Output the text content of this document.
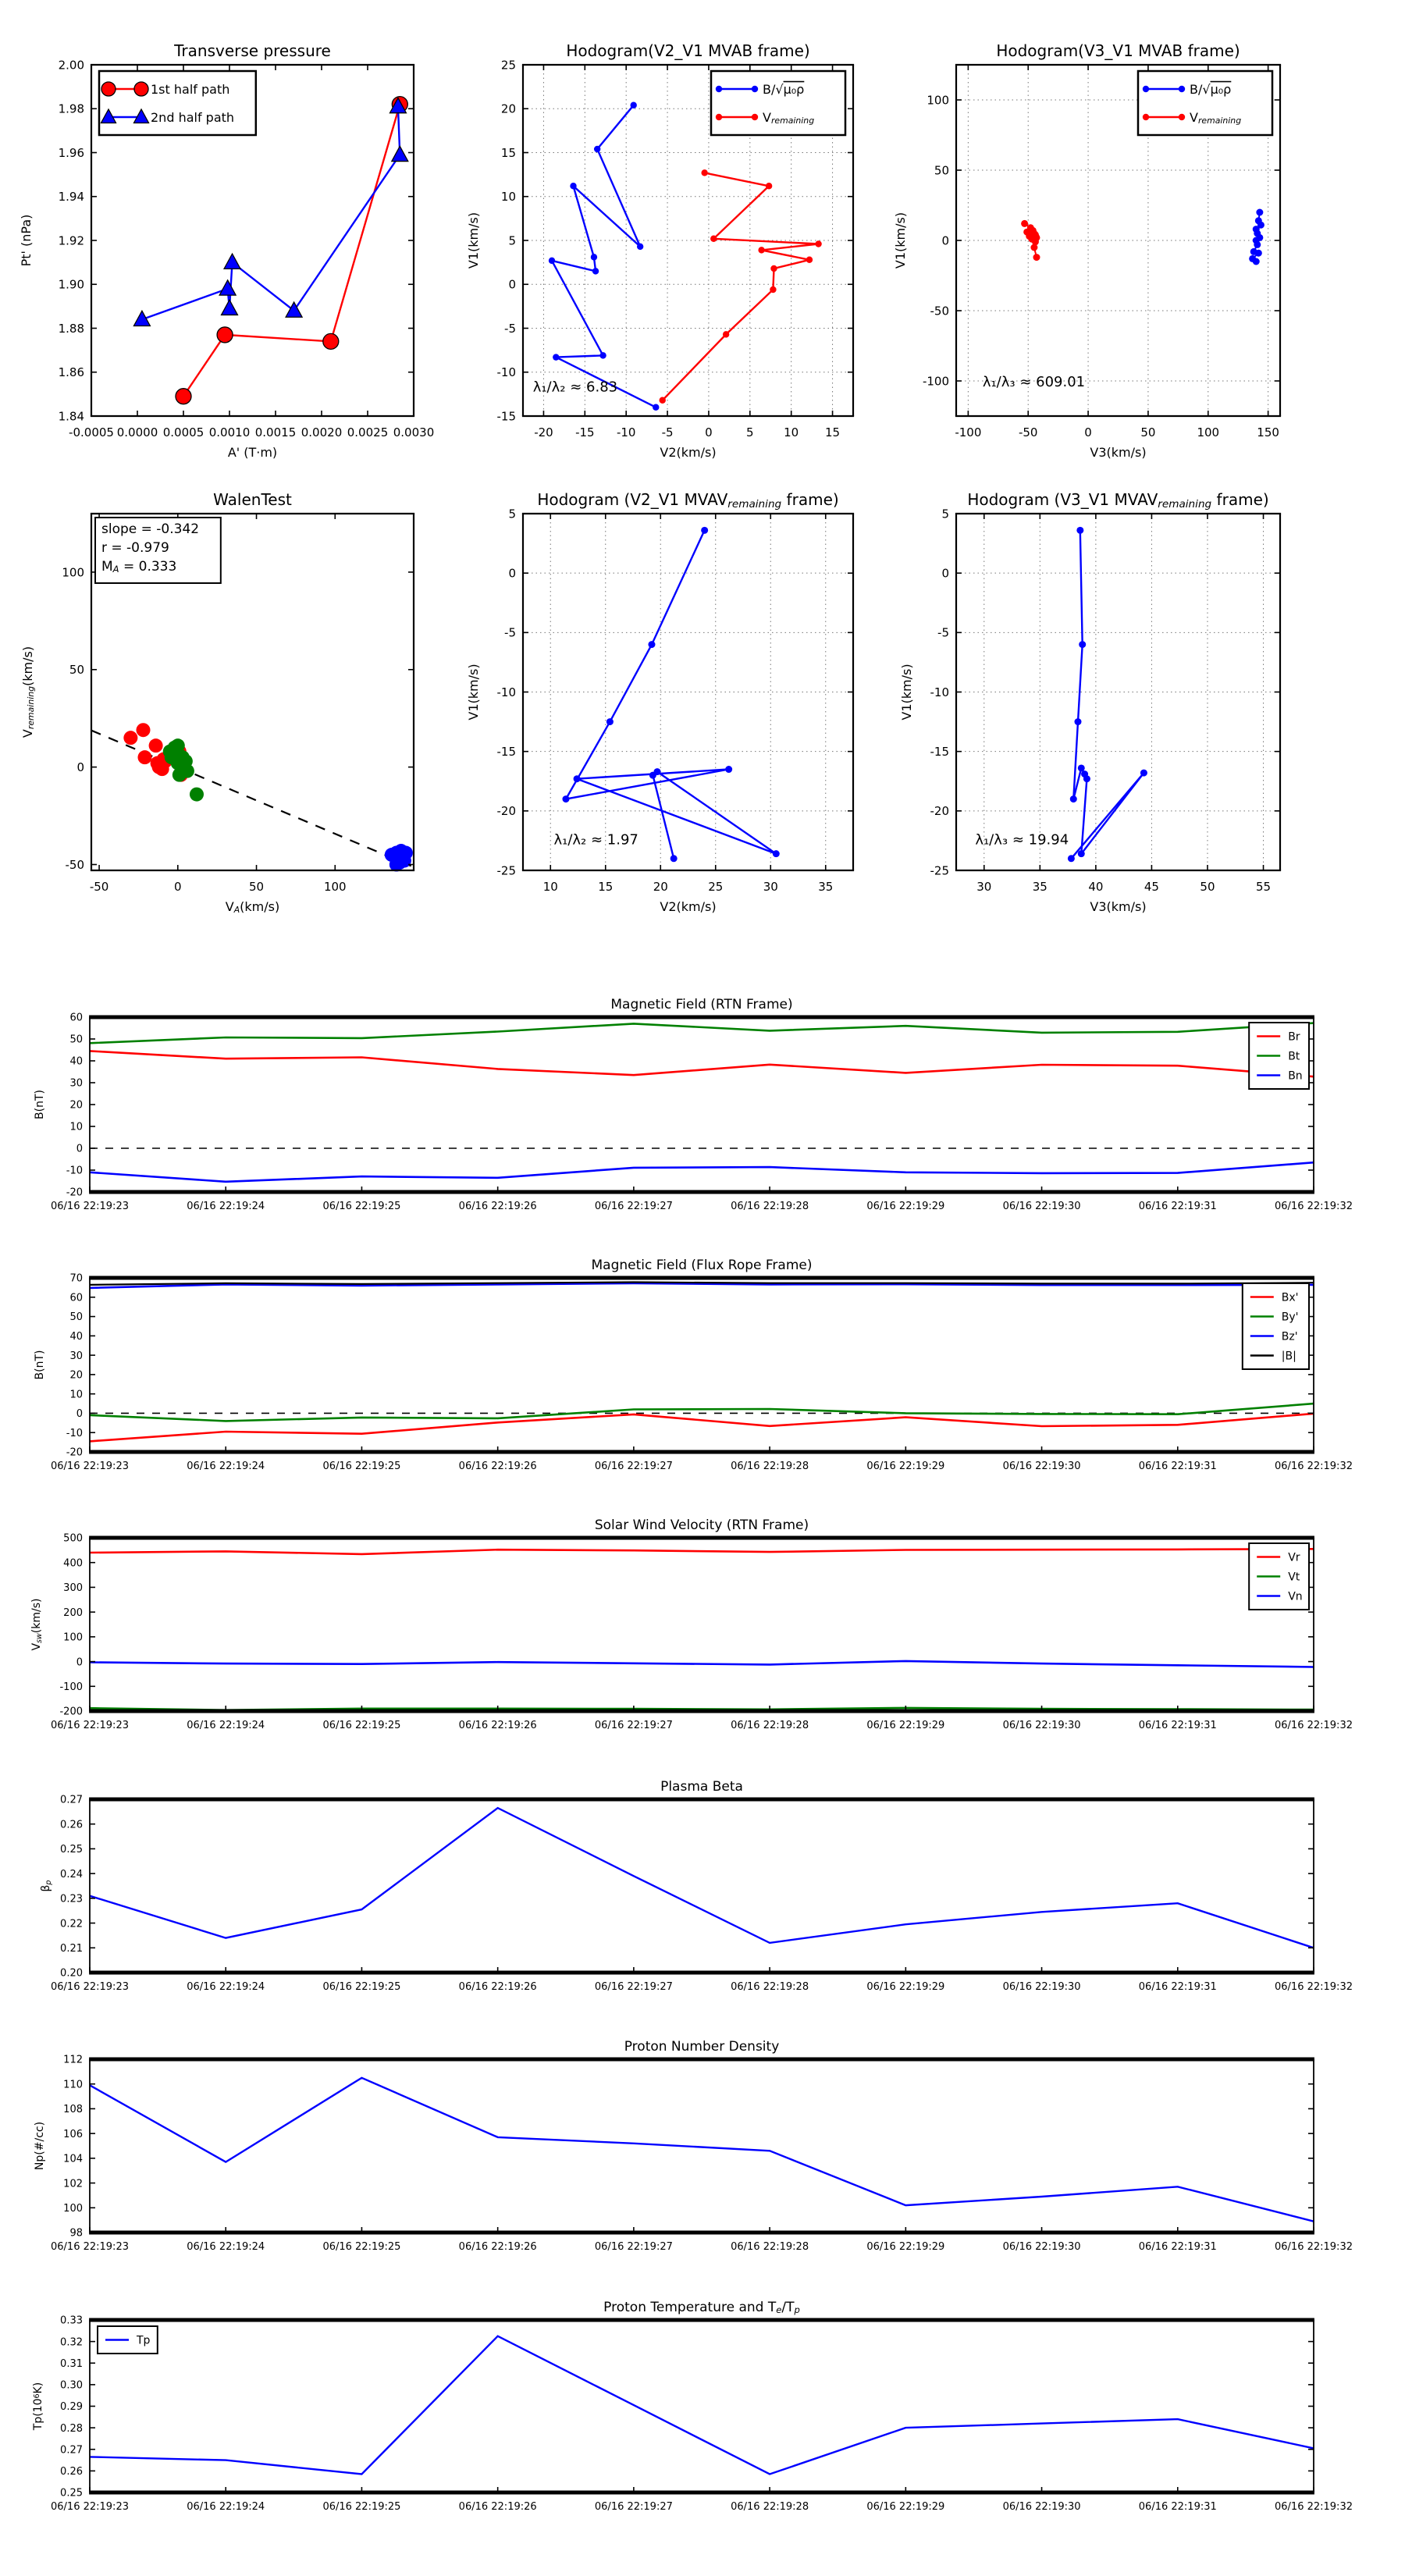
-0.0005 0.0000 0.0005 0.0010 0.0015 0.0020 0.0025 0.0030
1.84
1.86
1.88
1.90
1.92
1.94
1.96
1.98
2.00
Transverse pressure
A' (T·m)
Pt' (nPa)
1st half path
2nd half path
-20 -15 -10 -5	0	5	10 15
-15
-10
-5
0
5
10
15
20
25
Hodogram(V2_V1 MVAB frame)
V2(km/s)
V1(km/s)
λ₁/λ₂ ≈ 6.83
B/√μ₀ρ
Vremaining
-100	-50	0	50	100	150
-100
-50
0
50
100
Hodogram(V3_V1 MVAB frame)
V3(km/s)
V1(km/s)
λ₁/λ₃ ≈ 609.01
B/√μ₀ρ
Vremaining
-50	0	50	100
-50
0
50
100
WalenTest
VA(km/s)
Vremaining(km/s)
slope = -0.342
r = -0.979
MA = 0.333
10	15	20	25	30	35
-25
-20
-15
-10
-5
0
5
Hodogram (V2_V1 MVAVremaining frame)
V2(km/s)
V1(km/s)
λ₁/λ₂ ≈ 1.97
30	35	40	45	50	55
-25
-20
-15
-10
-5
0
5
Hodogram (V3_V1 MVAVremaining frame)
V3(km/s)
V1(km/s)
λ₁/λ₃ ≈ 19.94
06/16 22:19:23	06/16 22:19:24	06/16 22:19:25	06/16 22:19:26	06/16 22:19:27	06/16 22:19:28	06/16 22:19:29	06/16 22:19:30	06/16 22:19:31	06/16 22:19:32
-20
-10
0
10
20
30
40
50
60
Magnetic Field (RTN Frame)
B(nT)
Br
Bt
Bn
06/16 22:19:23	06/16 22:19:24	06/16 22:19:25	06/16 22:19:26	06/16 22:19:27	06/16 22:19:28	06/16 22:19:29	06/16 22:19:30	06/16 22:19:31	06/16 22:19:32
-20
-10
0
10
20
30
40
50
60
70
Magnetic Field (Flux Rope Frame)
B(nT)
Bx'
By'
Bz'
|B|
06/16 22:19:23	06/16 22:19:24	06/16 22:19:25	06/16 22:19:26	06/16 22:19:27	06/16 22:19:28	06/16 22:19:29	06/16 22:19:30	06/16 22:19:31	06/16 22:19:32
-200
-100
0
100
200
300
400
500
Solar Wind Velocity (RTN Frame)
Vsw(km/s)
Vr
Vt
Vn
06/16 22:19:23	06/16 22:19:24	06/16 22:19:25	06/16 22:19:26	06/16 22:19:27	06/16 22:19:28	06/16 22:19:29	06/16 22:19:30	06/16 22:19:31	06/16 22:19:32
0.20
0.21
0.22
0.23
0.24
0.25
0.26
0.27
Plasma Beta
βp
06/16 22:19:23	06/16 22:19:24	06/16 22:19:25	06/16 22:19:26	06/16 22:19:27	06/16 22:19:28	06/16 22:19:29	06/16 22:19:30	06/16 22:19:31	06/16 22:19:32
98
100
102
104
106
108
110
112
Proton Number Density
Np(#/cc)
06/16 22:19:23	06/16 22:19:24	06/16 22:19:25	06/16 22:19:26	06/16 22:19:27	06/16 22:19:28	06/16 22:19:29	06/16 22:19:30	06/16 22:19:31	06/16 22:19:32
0.25
0.26
0.27
0.28
0.29
0.30
0.31
0.32
0.33
Proton Temperature and Te/Tp
Tp(106K)
Tp
